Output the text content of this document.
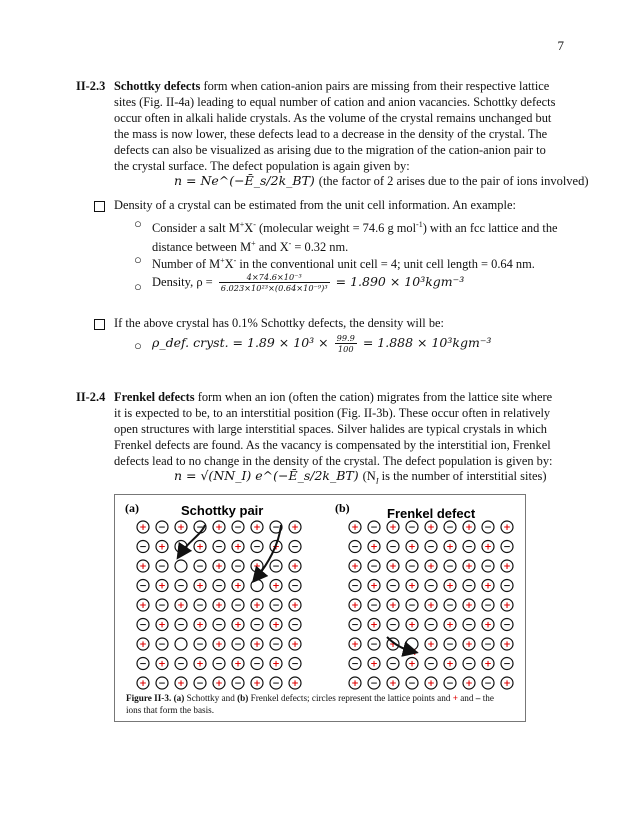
7
II-2.3 Schottky defects form when cation-anion pairs are missing from their respective lattice
sites (Fig. II-4a) leading to equal number of cation and anion vacancies. Schottky defects
occur often in alkali halide crystals. As the volume of the crystal remains unchanged but
the mass is now lower, these defects lead to a decrease in the density of the crystal. The
defects can also be visualized as arising due to the migration of the cation-anion pair to
the crystal surface. The defect population is again given by:
n = Ne^(−Ē_s/2k_BT) (the factor of 2 arises due to the pair of ions involved)
Density of a crystal can be estimated from the unit cell information. An example:
○ Consider a salt M+X- (molecular weight = 74.6 g mol$^{-1}$) with an fcc lattice and the
distance between M+ and X- = 0.32 nm.
○ Number of M+X- in the conventional unit cell = 4; unit cell length = 0.64 nm.
○ Density, $\rho = \frac{\text{4×74.6×10⁻³}}{\text{6.023×10²³×(0.64×10⁻⁹)³}} = 1.890 \times 10^3kgm^{-3}$
If the above crystal has 0.1% Schottky defects, the density will be:
○ ρ_def. cryst. = $1.89 \times 10^3 \times \frac{99.9}{100} = 1.888 \times 10^3kgm^{-3}$
II-2.4 Frenkel defects form when an ion (often the cation) migrates from the lattice site where
it is expected to be, to an interstitial position (Fig. II-3b). These occur often in relatively
open structures with large interstitial spaces. Silver halides are typical crystals in which
Frenkel defects are found. As the vacancy is compensated by the interstitial ion, Frenkel
defects lead to no change in the density of the crystal. The defect population is given by:
n = √(NN_I) e^(−Ē_s/2k_BT) ($N_I$ is the number of interstitial sites)
(a)	Schottky pair	(b)	Frenkel defect
+ − + − + − + − +
− + − + − + − + −
+ −	− + − + − +
− + − + − +	+ −
+ − + − + − + − +
− + − + − + − + −
+ −	− + − + − +
− + − + − + − + −
+ − + − + − + − +
+ − + − + − + − +
− + − + − + − + −
+ − + − + − + − +
− + − + − + − + −
+ − + − + − + − +
− + − + − + − + −
+ − +	+ − + − +
− + − + − + − + −
+ − + − + − + − +
+
Figure II-3. (a) Schottky and (b) Frenkel defects; circles represent the lattice points and + and – the
ions that form the basis.
